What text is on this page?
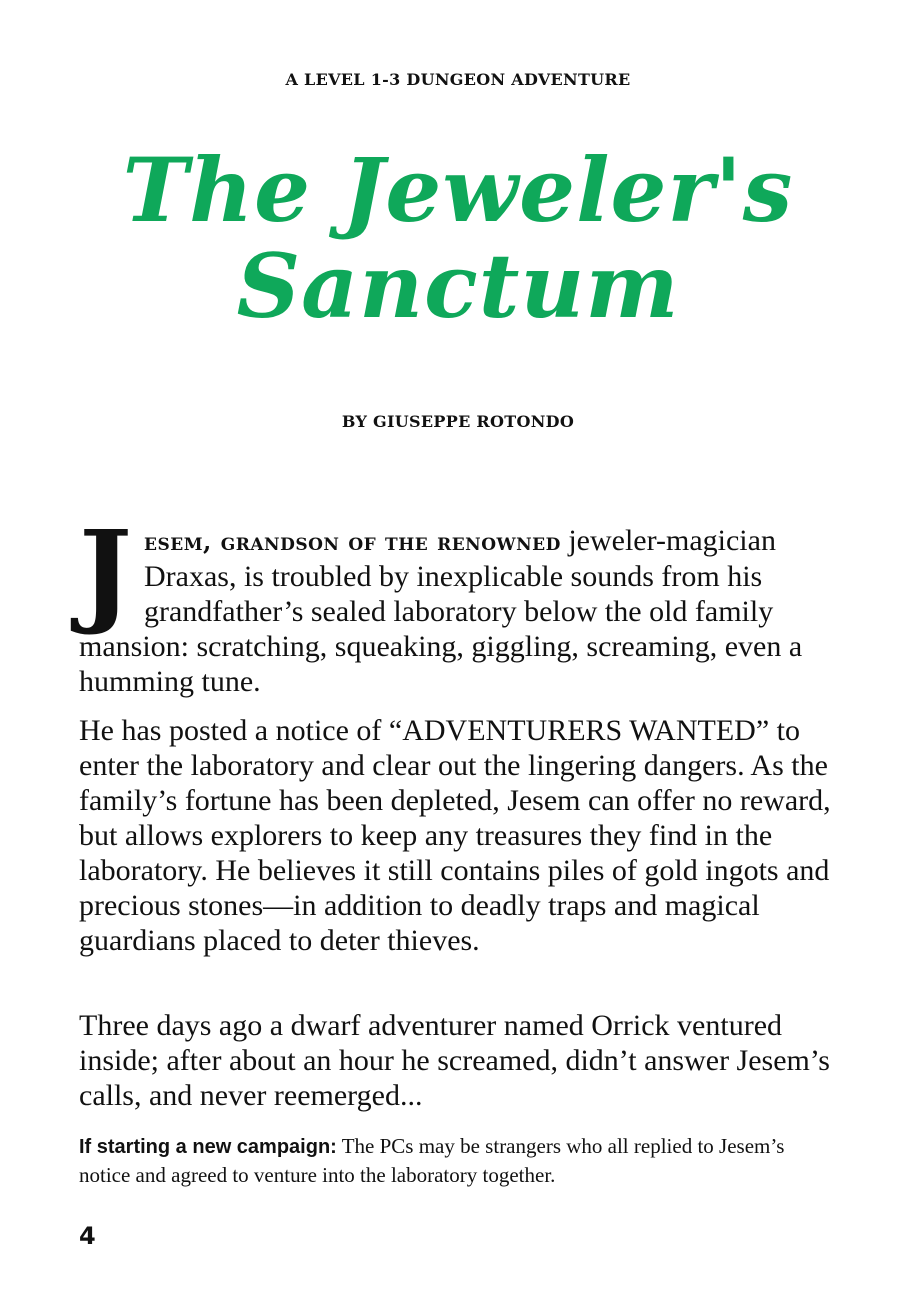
A LEVEL 1-3 DUNGEON ADVENTURE
The Jeweler's
Sanctum
BY GIUSEPPE ROTONDO

Jesem, grandson of the renowned jeweler-magician Draxas, is troubled by inexplicable sounds from his grandfather’s sealed laboratory below the old family mansion: scratching, squeaking, giggling, screaming, even a humming tune.

He has posted a notice of “ADVENTURERS WANTED” to enter the laboratory and clear out the lingering dangers. As the family’s fortune has been depleted, Jesem can offer no reward, but allows explorers to keep any treasures they find in the laboratory. He believes it still contains piles of gold ingots and precious stones—in addition to deadly traps and magical guardians placed to deter thieves.

Three days ago a dwarf adventurer named Orrick ventured inside; after about an hour he screamed, didn’t answer Jesem’s calls, and never reemerged...

If starting a new campaign: The PCs may be strangers who all replied to Jesem’s notice and agreed to venture into the laboratory together.

4
